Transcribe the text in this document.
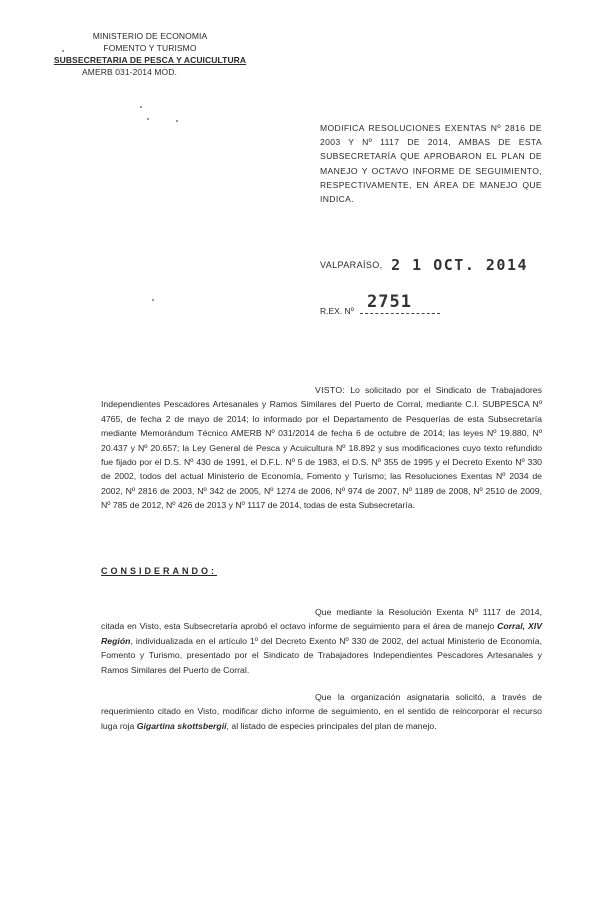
MINISTERIO DE ECONOMIA
FOMENTO Y TURISMO
SUBSECRETARIA DE PESCA Y ACUICULTURA
AMERB 031-2014 MOD.
MODIFICA RESOLUCIONES EXENTAS Nº 2816 DE 2003 Y Nº 1117 DE 2014, AMBAS DE ESTA SUBSECRETARÍA QUE APROBARON EL PLAN DE MANEJO Y OCTAVO INFORME DE SEGUIMIENTO, RESPECTIVAMENTE, EN ÁREA DE MANEJO QUE INDICA.
VALPARAÍSO, 2 1 OCT. 2014
R.EX. Nº 2751
VISTO: Lo solicitado por el Sindicato de Trabajadores Independientes Pescadores Artesanales y Ramos Similares del Puerto de Corral, mediante C.I. SUBPESCA Nº 4765, de fecha 2 de mayo de 2014; lo informado por el Departamento de Pesquerías de esta Subsecretaría mediante Memorándum Técnico AMERB Nº 031/2014 de fecha 6 de octubre de 2014; las leyes Nº 19.880, Nº 20.437 y Nº 20.657; la Ley General de Pesca y Acuicultura Nº 18.892 y sus modificaciones cuyo texto refundido fue fijado por el D.S. Nº 430 de 1991, el D.F.L. Nº 5 de 1983, el D.S. Nº 355 de 1995 y el Decreto Exento Nº 330 de 2002, todos del actual Ministerio de Economía, Fomento y Turismo; las Resoluciones Exentas Nº 2034 de 2002, Nº 2816 de 2003, Nº 342 de 2005, Nº 1274 de 2006, Nº 974 de 2007, Nº 1189 de 2008, Nº 2510 de 2009, Nº 785 de 2012, Nº 426 de 2013 y Nº 1117 de 2014, todas de esta Subsecretaría.
CONSIDERANDO:
Que mediante la Resolución Exenta Nº 1117 de 2014, citada en Visto, esta Subsecretaría aprobó el octavo informe de seguimiento para el área de manejo Corral, XIV Región, individualizada en el artículo 1º del Decreto Exento Nº 330 de 2002, del actual Ministerio de Economía, Fomento y Turismo, presentado por el Sindicato de Trabajadores Independientes Pescadores Artesanales y Ramos Similares del Puerto de Corral.
Que la organización asignataria solicitó, a través de requerimiento citado en Visto, modificar dicho informe de seguimiento, en el sentido de reincorporar el recurso luga roja Gigartina skottsbergii, al listado de especies principales del plan de manejo.
